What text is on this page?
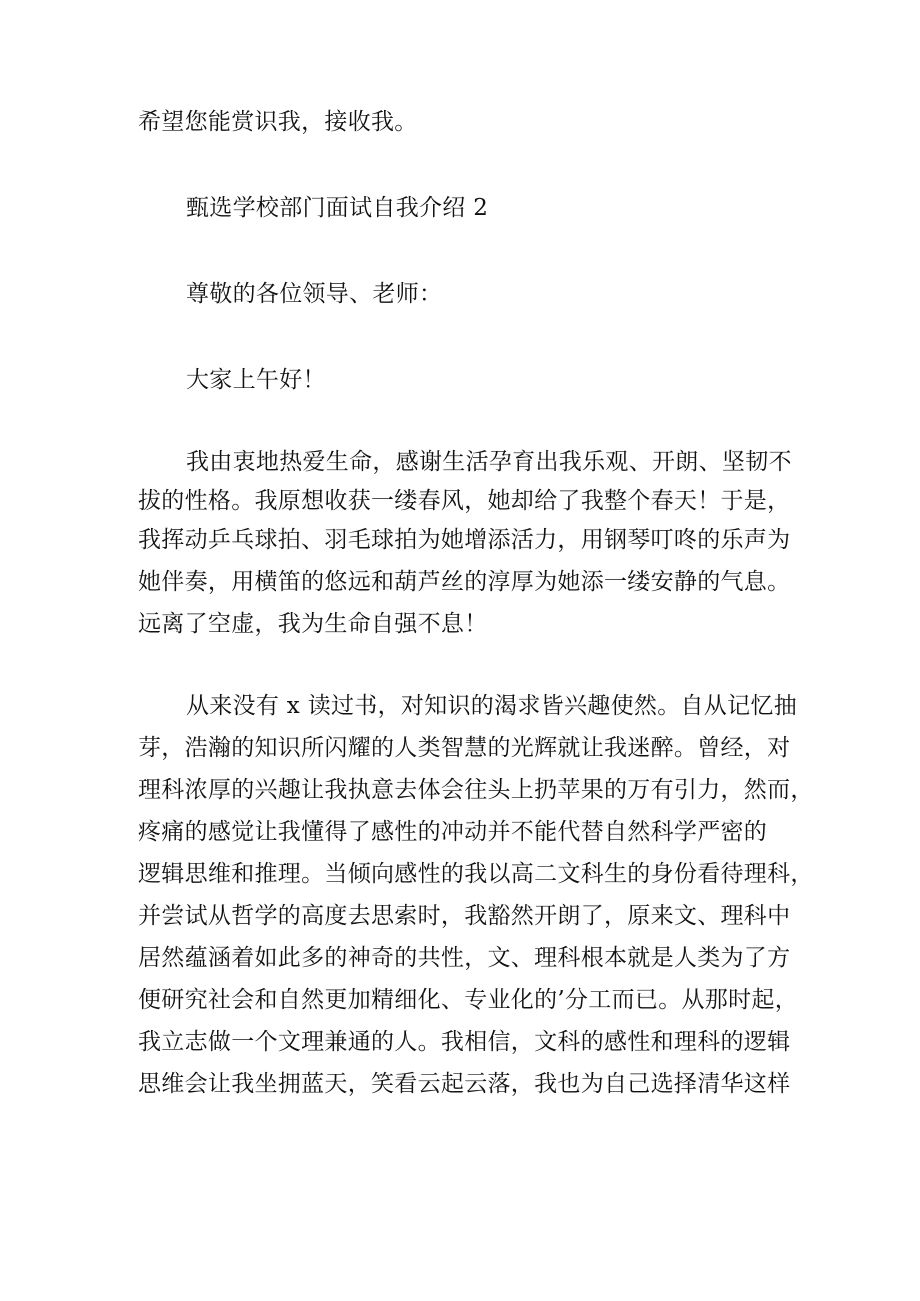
希望您能赏识我，接收我。

甄选学校部门面试自我介绍 2

尊敬的各位领导、老师：

大家上午好！

我由衷地热爱生命，感谢生活孕育出我乐观、开朗、坚韧不

拔的性格。我原想收获一缕春风，她却给了我整个春天！于是，

我挥动乒乓球拍、羽毛球拍为她增添活力，用钢琴叮咚的乐声为

她伴奏，用横笛的悠远和葫芦丝的淳厚为她添一缕安静的气息。

远离了空虚，我为生命自强不息！

从来没有 x 读过书，对知识的渴求皆兴趣使然。自从记忆抽

芽，浩瀚的知识所闪耀的人类智慧的光辉就让我迷醉。曾经，对

理科浓厚的兴趣让我执意去体会往头上扔苹果的万有引力，然而，

疼痛的感觉让我懂得了感性的冲动并不能代替自然科学严密的

逻辑思维和推理。当倾向感性的我以高二文科生的身份看待理科，

并尝试从哲学的高度去思索时，我豁然开朗了，原来文、理科中

居然蕴涵着如此多的神奇的共性，文、理科根本就是人类为了方

便研究社会和自然更加精细化、专业化的’分工而已。从那时起，

我立志做一个文理兼通的人。我相信，文科的感性和理科的逻辑

思维会让我坐拥蓝天，笑看云起云落，我也为自己选择清华这样
